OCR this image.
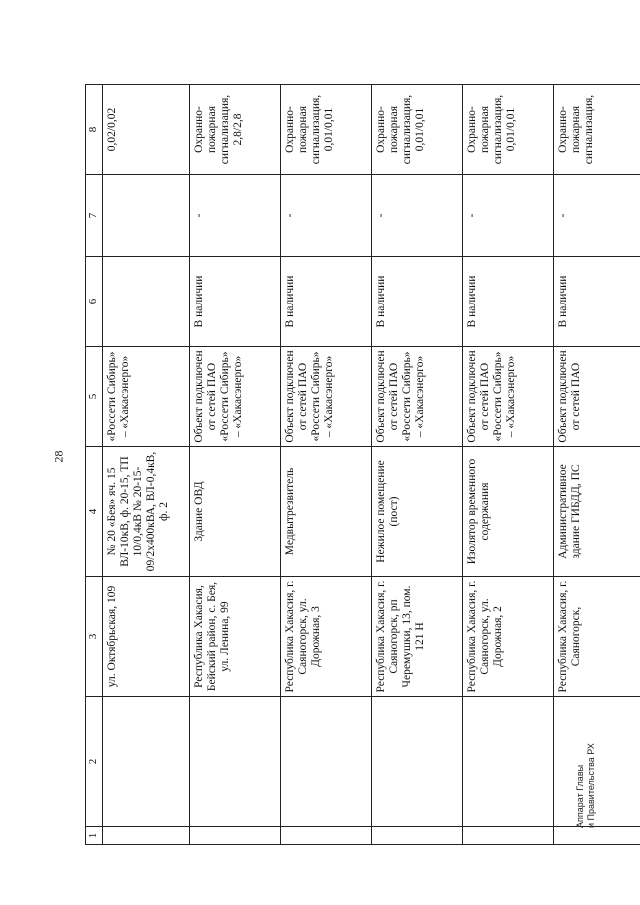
28
1	2	3	4	5	6	7	8
		ул. Октябрьская, 109	№ 20 «Бея» яч. 15 ВЛ-10кВ, ф. 20-15, ТП 10/0,4кВ № 20-15-09/2х400кВА, ВЛ-0,4кВ, ф. 2	«Россети Сибирь» – «Хакасэнерго»			0,02/0,02
		Республика Хакасия, Бейский район, с. Бея, ул. Ленина, 99	Здание ОВД	Объект подключен от сетей ПАО «Россети Сибирь» – «Хакасэнерго»	В наличии	-	Охранно-пожарная сигнализация, 2,8/2,8
		Республика Хакасия, г. Саяногорск, ул. Дорожная, 3	Медвытрезвитель	Объект подключен от сетей ПАО «Россети Сибирь» – «Хакасэнерго»	В наличии	-	Охранно-пожарная сигнализация, 0,01/0,01
		Республика Хакасия, г. Саяногорск, рп Черемушки, 13, пом. 121 Н	Нежилое помещение (пост)	Объект подключен от сетей ПАО «Россети Сибирь» – «Хакасэнерго»	В наличии	-	Охранно-пожарная сигнализация, 0,01/0,01
		Республика Хакасия, г. Саяногорск, ул. Дорожная, 2	Изолятор временного содержания	Объект подключен от сетей ПАО «Россети Сибирь» – «Хакасэнерго»	В наличии	-	Охранно-пожарная сигнализация, 0,01/0,01
		Республика Хакасия, г. Саяногорск,	Административное здание ГИБДД, ПС	Объект подключен от сетей ПАО	В наличии	-	Охранно-пожарная сигнализация,
Аппарат Главы и Правительства РХ
